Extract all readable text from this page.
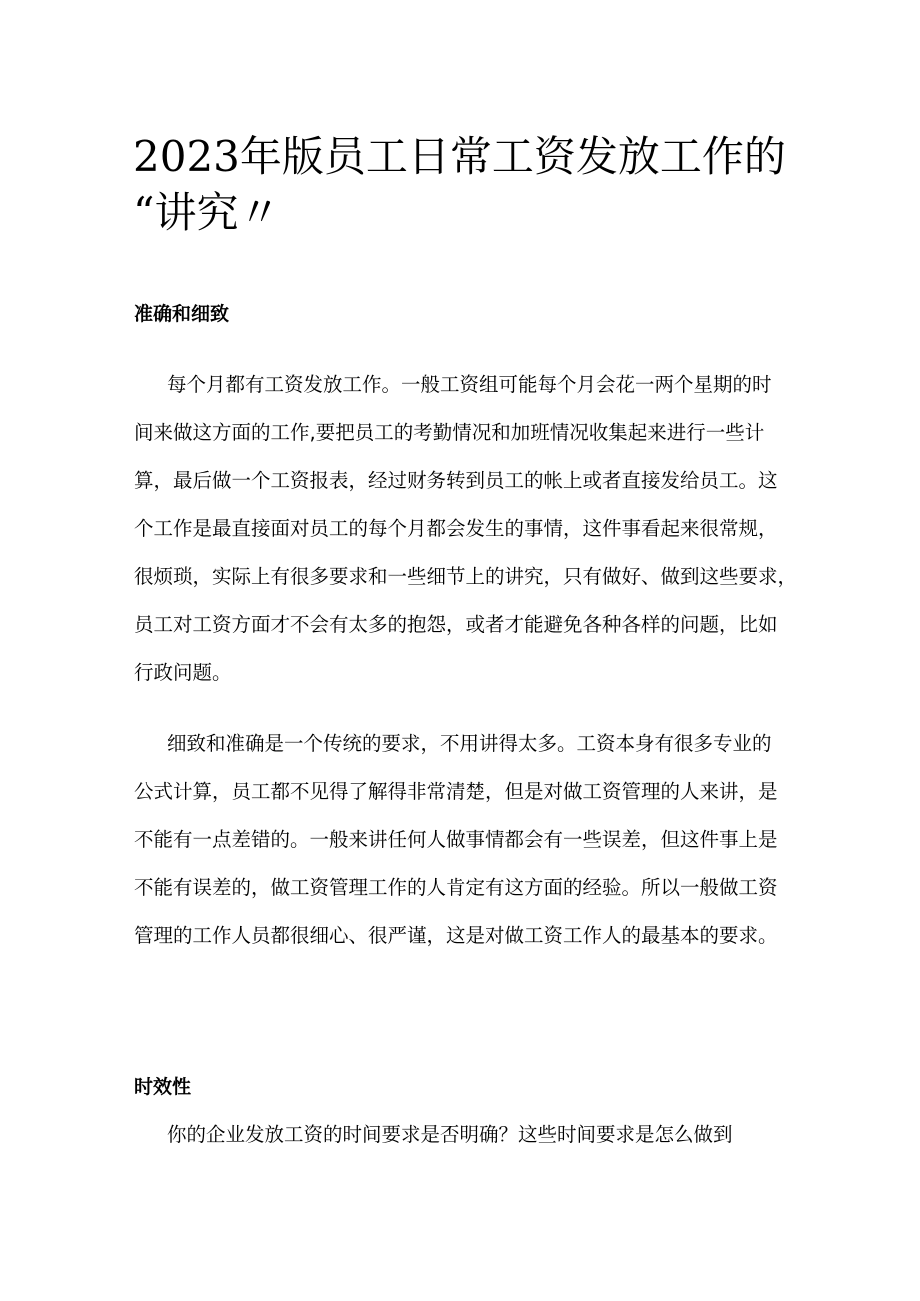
2023年版员工日常工资发放工作的
“讲究〃
准确和细致

每个月都有工资发放工作。一般工资组可能每个月会花一两个星期的时

间来做这方面的工作,要把员工的考勤情况和加班情况收集起来进行一些计

算，最后做一个工资报表，经过财务转到员工的帐上或者直接发给员工。这

个工作是最直接面对员工的每个月都会发生的事情，这件事看起来很常规，

很烦琐，实际上有很多要求和一些细节上的讲究，只有做好、做到这些要求，

员工对工资方面才不会有太多的抱怨，或者才能避免各种各样的问题，比如

行政问题。

细致和准确是一个传统的要求，不用讲得太多。工资本身有很多专业的

公式计算，员工都不见得了解得非常清楚，但是对做工资管理的人来讲，是

不能有一点差错的。一般来讲任何人做事情都会有一些误差，但这件事上是

不能有误差的，做工资管理工作的人肯定有这方面的经验。所以一般做工资

管理的工作人员都很细心、很严谨，这是对做工资工作人的最基本的要求。

时效性

你的企业发放工资的时间要求是否明确？这些时间要求是怎么做到
